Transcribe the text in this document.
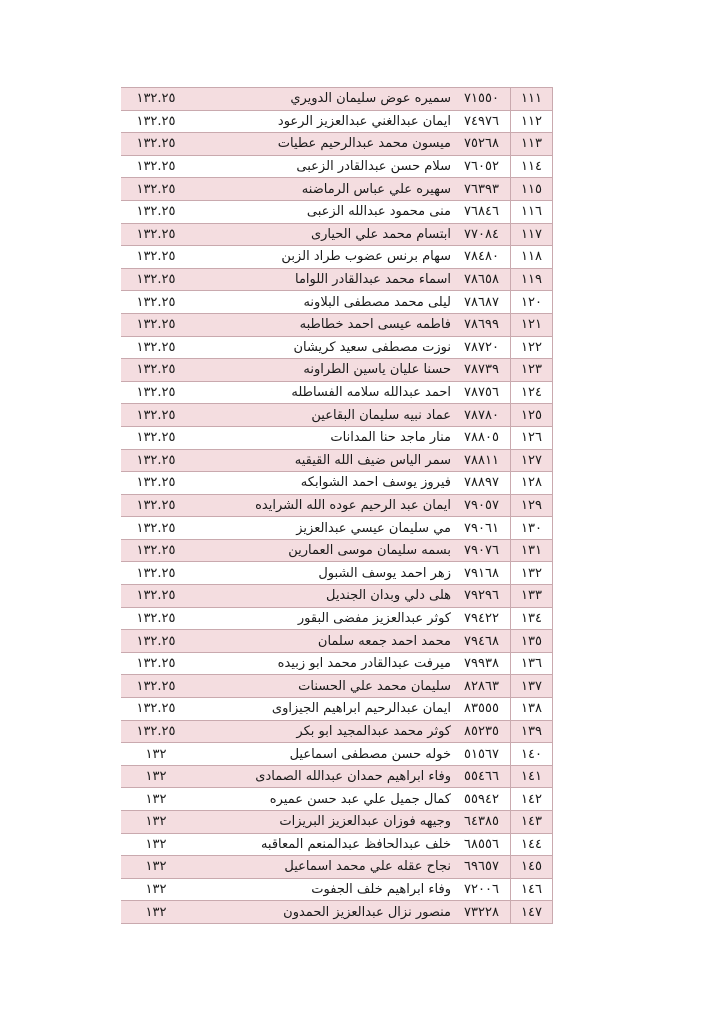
١١١	٧١٥٥٠	سميره عوض سليمان الدويري	١٣٢.٢٥
١١٢	٧٤٩٧٦	ايمان عبدالغني عبدالعزيز الرعود	١٣٢.٢٥
١١٣	٧٥٢٦٨	ميسون محمد عبدالرحيم عطيات	١٣٢.٢٥
١١٤	٧٦٠٥٢	سلام حسن عبدالقادر الزعبى	١٣٢.٢٥
١١٥	٧٦٣٩٣	سهيره علي عباس الرماضنه	١٣٢.٢٥
١١٦	٧٦٨٤٦	منى محمود عبدالله الزعبى	١٣٢.٢٥
١١٧	٧٧٠٨٤	ابتسام محمد علي الحيارى	١٣٢.٢٥
١١٨	٧٨٤٨٠	سهام برنس عضوب طراد الزبن	١٣٢.٢٥
١١٩	٧٨٦٥٨	اسماء محمد عبدالقادر اللواما	١٣٢.٢٥
١٢٠	٧٨٦٨٧	ليلى محمد مصطفى البلاونه	١٣٢.٢٥
١٢١	٧٨٦٩٩	فاطمه عيسى احمد خطاطبه	١٣٢.٢٥
١٢٢	٧٨٧٢٠	نوزت مصطفى سعيد كريشان	١٣٢.٢٥
١٢٣	٧٨٧٣٩	حسنا عليان ياسين الطراونه	١٣٢.٢٥
١٢٤	٧٨٧٥٦	احمد عبدالله سلامه الفساطله	١٣٢.٢٥
١٢٥	٧٨٧٨٠	عماد نبيه سليمان البقاعين	١٣٢.٢٥
١٢٦	٧٨٨٠٥	منار ماجد حنا المدانات	١٣٢.٢٥
١٢٧	٧٨٨١١	سمر الياس ضيف الله القيقيه	١٣٢.٢٥
١٢٨	٧٨٨٩٧	فيروز يوسف احمد الشوابكه	١٣٢.٢٥
١٢٩	٧٩٠٥٧	ايمان عبد الرحيم عوده الله الشرايده	١٣٢.٢٥
١٣٠	٧٩٠٦١	مي سليمان عيسي عبدالعزيز	١٣٢.٢٥
١٣١	٧٩٠٧٦	بسمه سليمان موسى العمارين	١٣٢.٢٥
١٣٢	٧٩١٦٨	زهر احمد يوسف الشبول	١٣٢.٢٥
١٣٣	٧٩٢٩٦	هلى دلي وبدان الجنديل	١٣٢.٢٥
١٣٤	٧٩٤٢٢	كوثر عبدالعزيز مفضى البقور	١٣٢.٢٥
١٣٥	٧٩٤٦٨	محمد احمد جمعه سلمان	١٣٢.٢٥
١٣٦	٧٩٩٣٨	ميرفت عبدالقادر محمد ابو زبيده	١٣٢.٢٥
١٣٧	٨٢٨٦٣	سليمان محمد علي الحسنات	١٣٢.٢٥
١٣٨	٨٣٥٥٥	ايمان عبدالرحيم ابراهيم الجيزاوى	١٣٢.٢٥
١٣٩	٨٥٢٣٥	كوثر محمد عبدالمجيد ابو بكر	١٣٢.٢٥
١٤٠	٥١٥٦٧	خوله حسن مصطفى اسماعيل	١٣٢
١٤١	٥٥٤٦٦	وفاء ابراهيم حمدان عبدالله الصمادى	١٣٢
١٤٢	٥٥٩٤٢	كمال جميل علي عبد حسن عميره	١٣٢
١٤٣	٦٤٣٨٥	وجيهه فوزان عبدالعزيز البريزات	١٣٢
١٤٤	٦٨٥٥٦	خلف عبدالحافظ عبدالمنعم المعاقبه	١٣٢
١٤٥	٦٩٦٥٧	نجاح عقله علي محمد اسماعيل	١٣٢
١٤٦	٧٢٠٠٦	وفاء ابراهيم خلف الجفوت	١٣٢
١٤٧	٧٣٢٢٨	منصور نزال عبدالعزيز الحمدون	١٣٢
